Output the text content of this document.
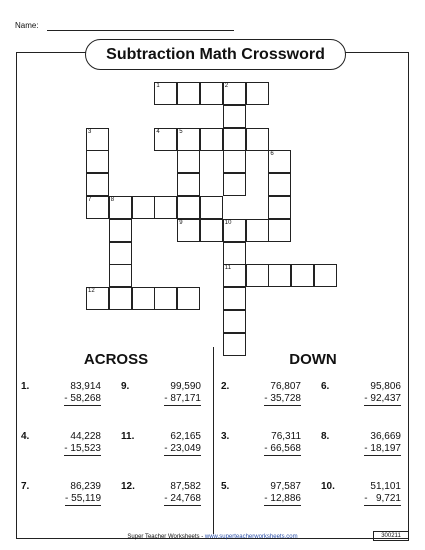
Name:
Subtraction Math Crossword
1	2
3	4	5
6
7	8
9	10
11
12
ACROSS	DOWN
1.	83,914
- 58,268
4.	44,228
- 15,523
7.	86,239
- 55,119
9.	99,590
- 87,171
11.	62,165
- 23,049
12.	87,582
- 24,768
2.	76,807
- 35,728
3.	76,311
- 66,568
5.	97,587
- 12,886
6.	95,806
- 92,437
8.	36,669
- 18,197
10.	51,101
-   9,721
Super Teacher Worksheets - www.superteacherworksheets.com	300211
